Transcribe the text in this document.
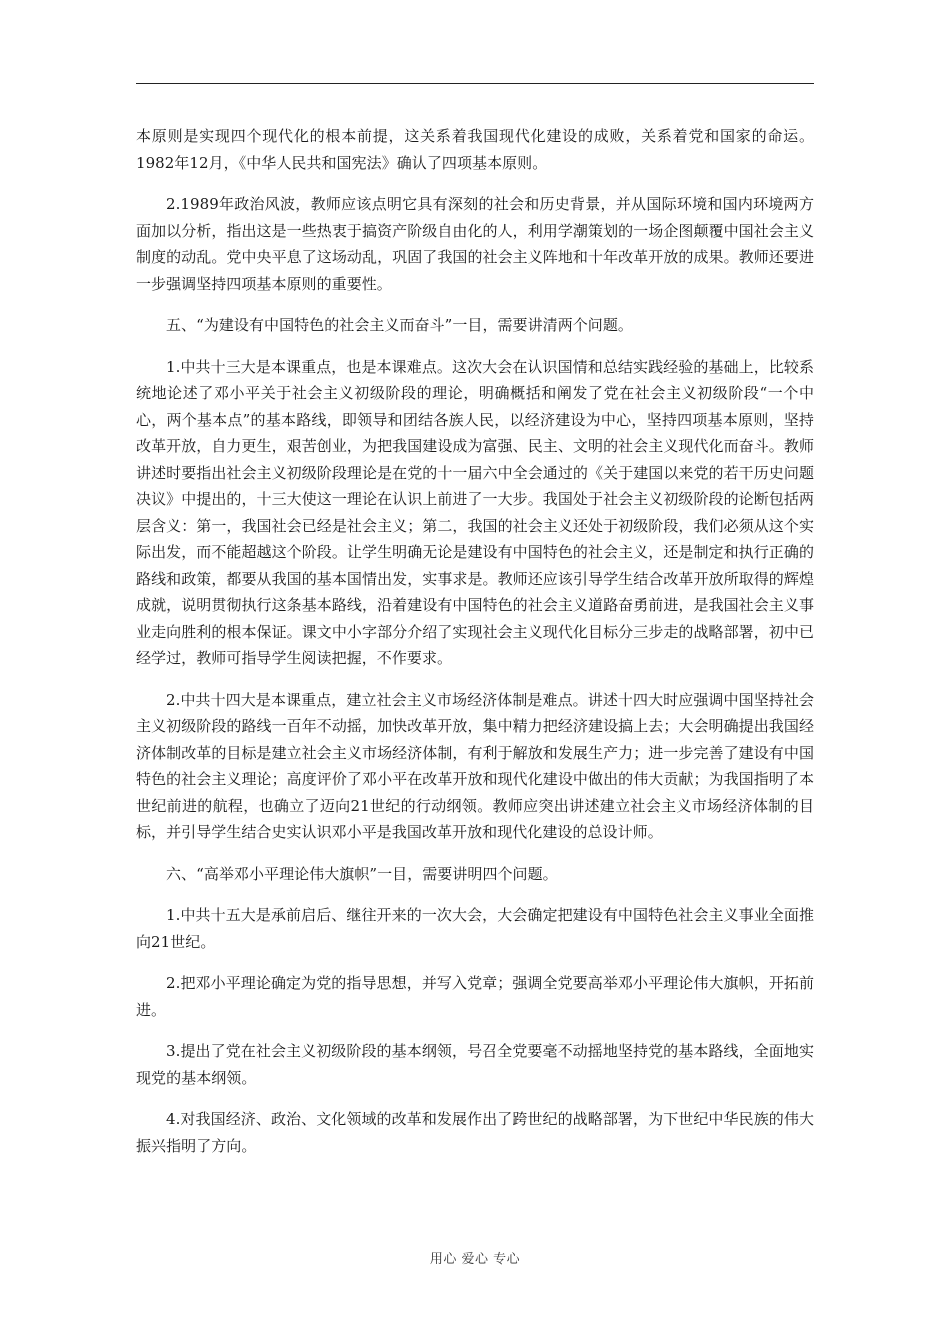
本原则是实现四个现代化的根本前提，这关系着我国现代化建设的成败，关系着党和国家的命运。1982年12月，《中华人民共和国宪法》确认了四项基本原则。

2.1989年政治风波，教师应该点明它具有深刻的社会和历史背景，并从国际环境和国内环境两方面加以分析，指出这是一些热衷于搞资产阶级自由化的人，利用学潮策划的一场企图颠覆中国社会主义制度的动乱。党中央平息了这场动乱，巩固了我国的社会主义阵地和十年改革开放的成果。教师还要进一步强调坚持四项基本原则的重要性。

五、“为建设有中国特色的社会主义而奋斗”一目，需要讲清两个问题。

1.中共十三大是本课重点，也是本课难点。这次大会在认识国情和总结实践经验的基础上，比较系统地论述了邓小平关于社会主义初级阶段的理论，明确概括和阐发了党在社会主义初级阶段“一个中心，两个基本点”的基本路线，即领导和团结各族人民，以经济建设为中心，坚持四项基本原则，坚持改革开放，自力更生，艰苦创业，为把我国建设成为富强、民主、文明的社会主义现代化而奋斗。教师讲述时要指出社会主义初级阶段理论是在党的十一届六中全会通过的《关于建国以来党的若干历史问题决议》中提出的，十三大使这一理论在认识上前进了一大步。我国处于社会主义初级阶段的论断包括两层含义：第一，我国社会已经是社会主义；第二，我国的社会主义还处于初级阶段，我们必须从这个实际出发，而不能超越这个阶段。让学生明确无论是建设有中国特色的社会主义，还是制定和执行正确的路线和政策，都要从我国的基本国情出发，实事求是。教师还应该引导学生结合改革开放所取得的辉煌成就，说明贯彻执行这条基本路线，沿着建设有中国特色的社会主义道路奋勇前进，是我国社会主义事业走向胜利的根本保证。课文中小字部分介绍了实现社会主义现代化目标分三步走的战略部署，初中已经学过，教师可指导学生阅读把握，不作要求。

2.中共十四大是本课重点，建立社会主义市场经济体制是难点。讲述十四大时应强调中国坚持社会主义初级阶段的路线一百年不动摇，加快改革开放，集中精力把经济建设搞上去；大会明确提出我国经济体制改革的目标是建立社会主义市场经济体制，有利于解放和发展生产力；进一步完善了建设有中国特色的社会主义理论；高度评价了邓小平在改革开放和现代化建设中做出的伟大贡献；为我国指明了本世纪前进的航程，也确立了迈向21世纪的行动纲领。教师应突出讲述建立社会主义市场经济体制的目标，并引导学生结合史实认识邓小平是我国改革开放和现代化建设的总设计师。

六、“高举邓小平理论伟大旗帜”一目，需要讲明四个问题。

1.中共十五大是承前启后、继往开来的一次大会，大会确定把建设有中国特色社会主义事业全面推向21世纪。

2.把邓小平理论确定为党的指导思想，并写入党章；强调全党要高举邓小平理论伟大旗帜，开拓前进。

3.提出了党在社会主义初级阶段的基本纲领，号召全党要毫不动摇地坚持党的基本路线，全面地实现党的基本纲领。

4.对我国经济、政治、文化领域的改革和发展作出了跨世纪的战略部署，为下世纪中华民族的伟大振兴指明了方向。

用心 爱心 专心
